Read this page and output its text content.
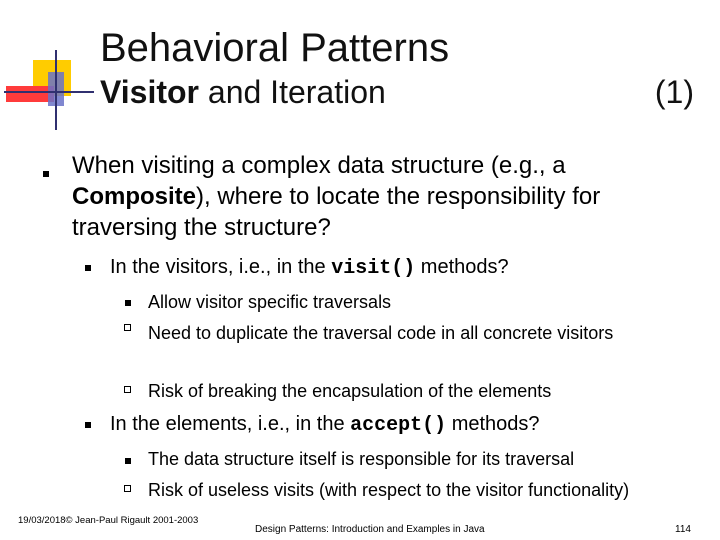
Behavioral Patterns
Visitor and Iteration	(1)
When visiting a complex data structure (e.g., a Composite), where to locate the responsibility for traversing the structure?
In the visitors, i.e., in the visit() methods?
Allow visitor specific traversals
Need to duplicate the traversal code in all concrete visitors
Risk of breaking the encapsulation of the elements
In the elements, i.e., in the accept() methods?
The data structure itself is responsible for its traversal
Risk of useless visits (with respect to the visitor functionality)
19/03/2018© Jean-Paul Rigault 2001-2003
Design Patterns: Introduction and Examples in Java	114
